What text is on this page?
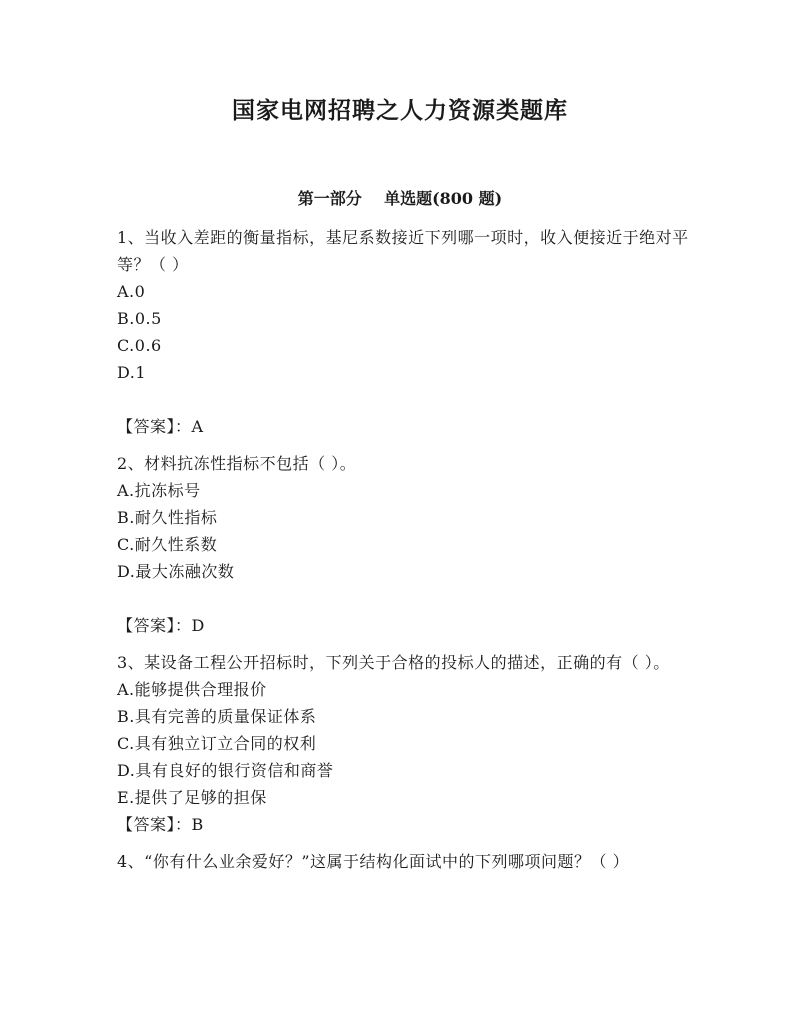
国家电网招聘之人力资源类题库
第一部分    单选题(800 题)

1、当收入差距的衡量指标，基尼系数接近下列哪一项时，收入便接近于绝对平等？（ ）

A.0

B.0.5

C.0.6

D.1

【答案】：A

2、材料抗冻性指标不包括（ ）。

A.抗冻标号

B.耐久性指标

C.耐久性系数

D.最大冻融次数

【答案】：D

3、某设备工程公开招标时，下列关于合格的投标人的描述，正确的有（ ）。

A.能够提供合理报价

B.具有完善的质量保证体系

C.具有独立订立合同的权利

D.具有良好的银行资信和商誉

E.提供了足够的担保

【答案】：B

4、“你有什么业余爱好？”这属于结构化面试中的下列哪项问题？（ ）
